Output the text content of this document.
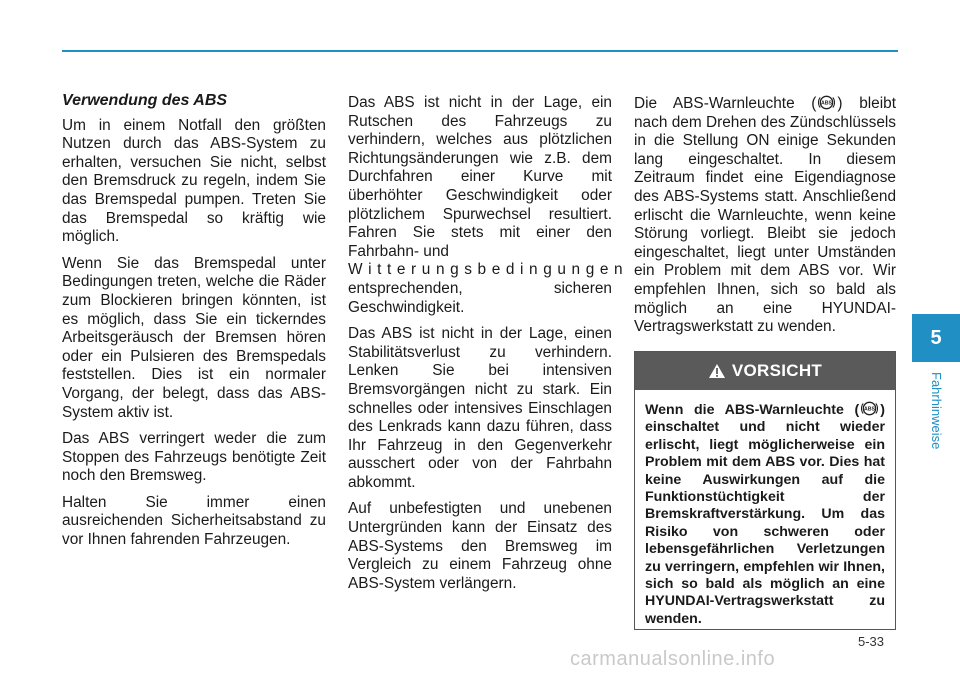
Verwendung des ABS

Um in einem Notfall den größten Nutzen durch das ABS-System zu erhalten, versuchen Sie nicht, selbst den Bremsdruck zu regeln, indem Sie das Bremspedal pumpen. Treten Sie das Bremspedal so kräftig wie möglich.

Wenn Sie das Bremspedal unter Bedingungen treten, welche die Räder zum Blockieren bringen könnten, ist es möglich, dass Sie ein tickerndes Arbeitsgeräusch der Bremsen hören oder ein Pulsieren des Bremspedals feststellen. Dies ist ein normaler Vorgang, der belegt, dass das ABS-System aktiv ist.

Das ABS verringert weder die zum Stoppen des Fahrzeugs benötigte Zeit noch den Bremsweg.

Halten Sie immer einen ausreichenden Sicherheitsabstand zu vor Ihnen fahrenden Fahrzeugen.

Das ABS ist nicht in der Lage, ein Rutschen des Fahrzeugs zu verhindern, welches aus plötzlichen Richtungsänderungen wie z.B. dem Durchfahren einer Kurve mit überhöhter Geschwindigkeit oder plötzlichem Spurwechsel resultiert. Fahren Sie stets mit einer den Fahrbahn- und
Witterungsbedingungen
entsprechenden, sicheren Geschwindigkeit.

Das ABS ist nicht in der Lage, einen Stabilitätsverlust zu verhindern. Lenken Sie bei intensiven Bremsvorgängen nicht zu stark. Ein schnelles oder intensives Einschlagen des Lenkrads kann dazu führen, dass Ihr Fahrzeug in den Gegenverkehr ausschert oder von der Fahrbahn abkommt.

Auf unbefestigten und unebenen Untergründen kann der Einsatz des ABS-Systems den Bremsweg im Vergleich zu einem Fahrzeug ohne ABS-System verlängern.

Die ABS-Warnleuchte ( ABS ) bleibt nach dem Drehen des Zündschlüssels in die Stellung ON einige Sekunden lang eingeschaltet. In diesem Zeitraum findet eine Eigendiagnose des ABS-Systems statt. Anschließend erlischt die Warnleuchte, wenn keine Störung vorliegt. Bleibt sie jedoch eingeschaltet, liegt unter Umständen ein Problem mit dem ABS vor. Wir empfehlen Ihnen, sich so bald als möglich an eine HYUNDAI-Vertragswerkstatt zu wenden.

VORSICHT
Wenn die ABS-Warnleuchte ( ABS ) einschaltet und nicht wieder erlischt, liegt möglicherweise ein Problem mit dem ABS vor. Dies hat keine Auswirkungen auf die Funktionstüchtigkeit der Bremskraftverstärkung. Um das Risiko von schweren oder lebensgefährlichen Verletzungen zu verringern, empfehlen wir Ihnen, sich so bald als möglich an eine HYUNDAI-Vertragswerkstatt zu wenden.
5
Fahrhinweise
5-33
carmanualsonline.info
